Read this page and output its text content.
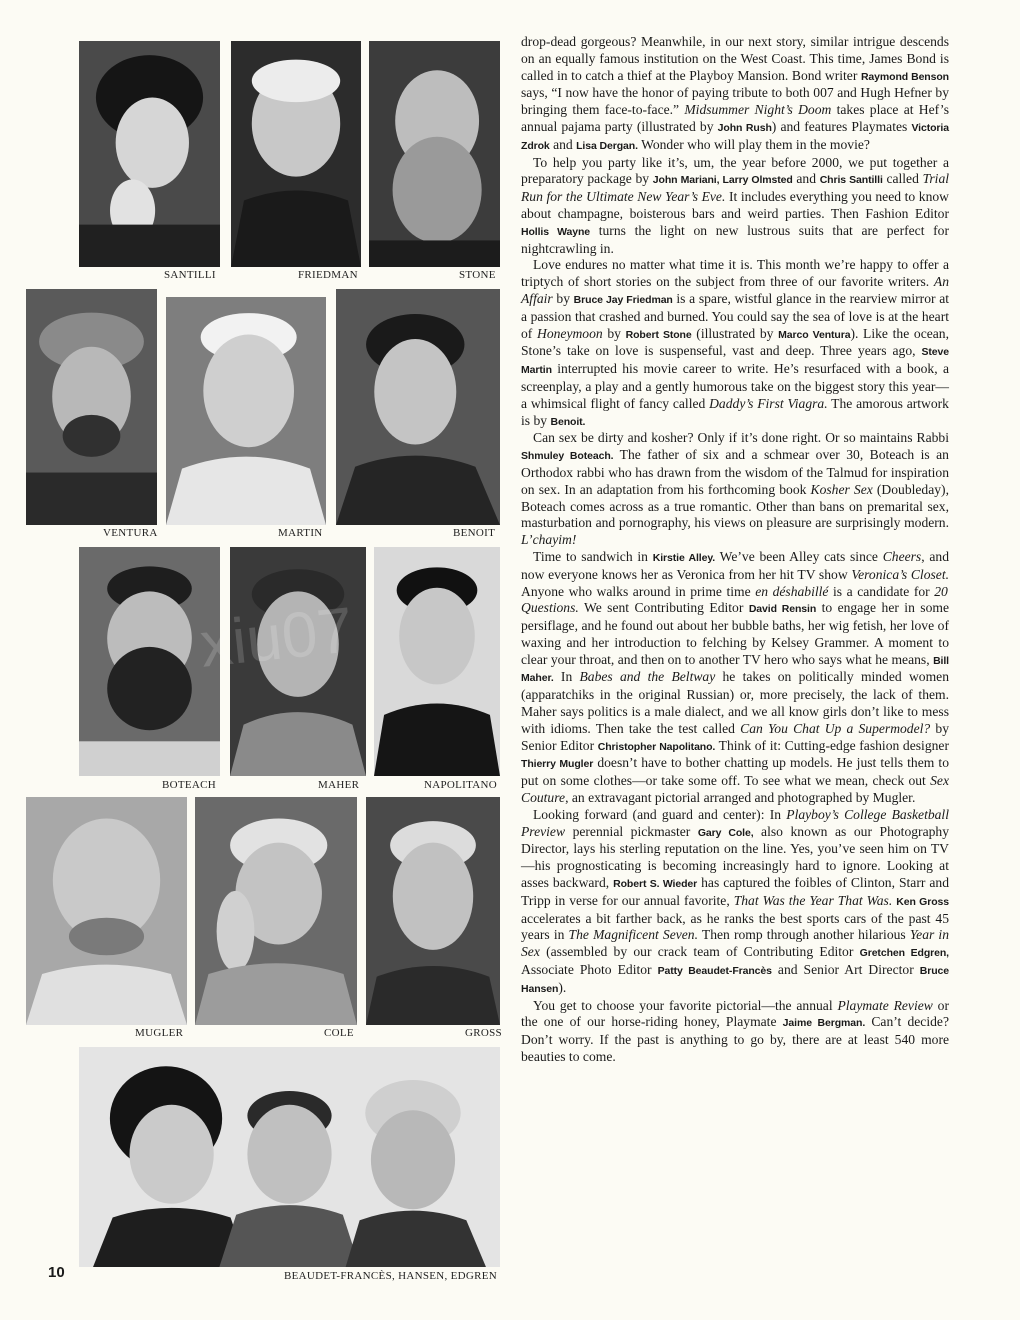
SANTILLI	FRIEDMAN	STONE
VENTURA	MARTIN	BENOIT
BOTEACH	MAHER	NAPOLITANO
MUGLER	COLE	GROSS
BEAUDET-FRANCÈS, HANSEN, EDGREN
10

drop-dead gorgeous? Meanwhile, in our next story, similar intrigue descends on an equally famous institution on the West Coast. This time, James Bond is called in to catch a thief at the Playboy Mansion. Bond writer Raymond Benson says, “I now have the honor of paying tribute to both 007 and Hugh Hefner by bringing them face-to-face.” Midsummer Night’s Doom takes place at Hef’s annual pajama party (illustrated by John Rush) and features Playmates Victoria Zdrok and Lisa Dergan. Wonder who will play them in the movie?

To help you party like it’s, um, the year before 2000, we put together a preparatory package by John Mariani, Larry Olmsted and Chris Santilli called Trial Run for the Ultimate New Year’s Eve. It includes everything you need to know about champagne, boisterous bars and weird parties. Then Fashion Editor Hollis Wayne turns the light on new lustrous suits that are perfect for nightcrawling in.

Love endures no matter what time it is. This month we’re happy to offer a triptych of short stories on the subject from three of our favorite writers. An Affair by Bruce Jay Friedman is a spare, wistful glance in the rearview mirror at a passion that crashed and burned. You could say the sea of love is at the heart of Honeymoon by Robert Stone (illustrated by Marco Ventura). Like the ocean, Stone’s take on love is suspenseful, vast and deep. Three years ago, Steve Martin interrupted his movie career to write. He’s resurfaced with a book, a screenplay, a play and a gently humorous take on the biggest story this year—a whimsical flight of fancy called Daddy’s First Viagra. The amorous artwork is by Benoit.

Can sex be dirty and kosher? Only if it’s done right. Or so maintains Rabbi Shmuley Boteach. The father of six and a schmear over 30, Boteach is an Orthodox rabbi who has drawn from the wisdom of the Talmud for inspiration on sex. In an adaptation from his forthcoming book Kosher Sex (Doubleday), Boteach comes across as a true romantic. Other than bans on premarital sex, masturbation and pornography, his views on pleasure are surprisingly modern. L’chayim!

Time to sandwich in Kirstie Alley. We’ve been Alley cats since Cheers, and now everyone knows her as Veronica from her hit TV show Veronica’s Closet. Anyone who walks around in prime time en déshabillé is a candidate for 20 Questions. We sent Contributing Editor David Rensin to engage her in some persiflage, and he found out about her bubble baths, her wig fetish, her love of waxing and her introduction to felching by Kelsey Grammer. A moment to clear your throat, and then on to another TV hero who says what he means, Bill Maher. In Babes and the Beltway he takes on politically minded women (apparatchiks in the original Russian) or, more precisely, the lack of them. Maher says politics is a male dialect, and we all know girls don’t like to mess with idioms. Then take the test called Can You Chat Up a Supermodel? by Senior Editor Christopher Napolitano. Think of it: Cutting-edge fashion designer Thierry Mugler doesn’t have to bother chatting up models. He just tells them to put on some clothes—or take some off. To see what we mean, check out Sex Couture, an extravagant pictorial arranged and photographed by Mugler.

Looking forward (and guard and center): In Playboy’s College Basketball Preview perennial pickmaster Gary Cole, also known as our Photography Director, lays his sterling reputation on the line. Yes, you’ve seen him on TV—his prognosticating is becoming increasingly hard to ignore. Looking at asses backward, Robert S. Wieder has captured the foibles of Clinton, Starr and Tripp in verse for our annual favorite, That Was the Year That Was. Ken Gross accelerates a bit farther back, as he ranks the best sports cars of the past 45 years in The Magnificent Seven. Then romp through another hilarious Year in Sex (assembled by our crack team of Contributing Editor Gretchen Edgren, Associate Photo Editor Patty Beaudet-Francès and Senior Art Director Bruce Hansen).

You get to choose your favorite pictorial—the annual Playmate Review or the one of our horse-riding honey, Playmate Jaime Bergman. Can’t decide? Don’t worry. If the past is anything to go by, there are at least 540 more beauties to come.
